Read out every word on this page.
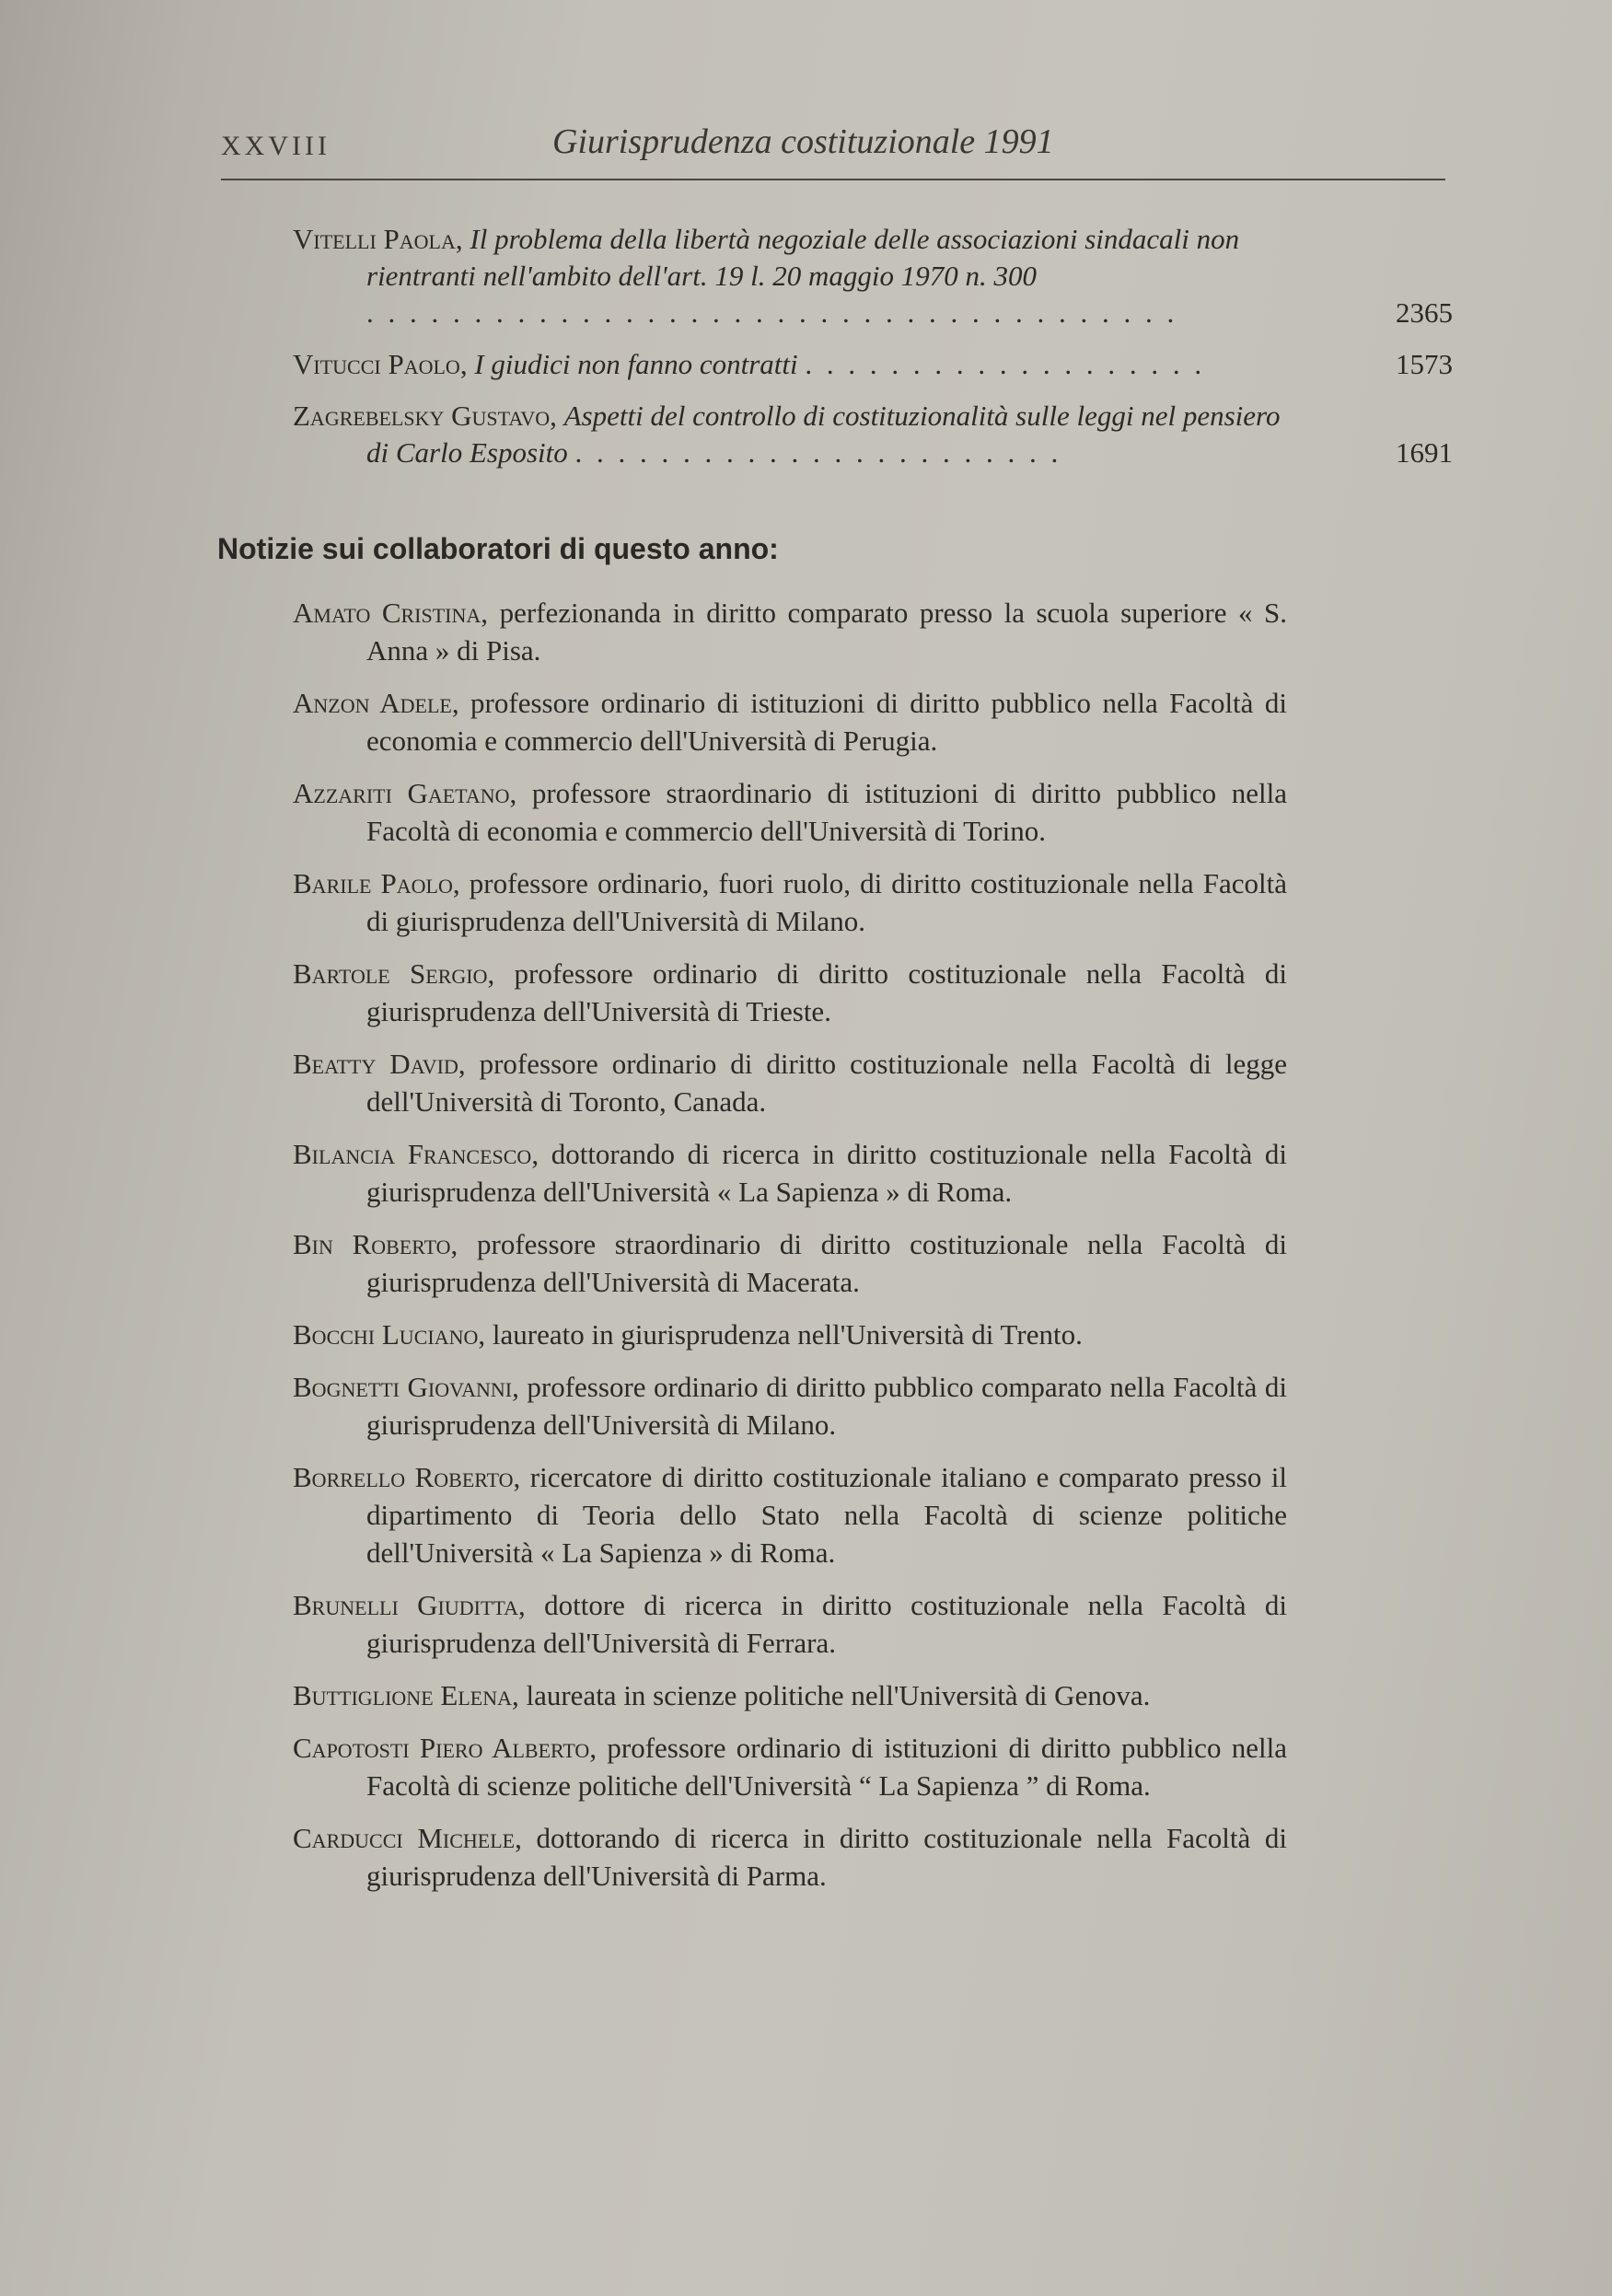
XXVIII	Giurisprudenza costituzionale 1991
Vitelli Paola, Il problema della libertà negoziale delle associazioni sindacali non rientranti nell'ambito dell'art. 19 l. 20 maggio 1970 n. 300 . . . . . . . . . . . . . . . . . . . . . . . . . . . . . . . . . . . . . .	2365
Vitucci Paolo, I giudici non fanno contratti . . . . . . . . . . . . . . . . . . .	1573
Zagrebelsky Gustavo, Aspetti del controllo di costituzionalità sulle leggi nel pensiero di Carlo Esposito . . . . . . . . . . . . . . . . . . . . . . .	1691
Notizie sui collaboratori di questo anno:
Amato Cristina, perfezionanda in diritto comparato presso la scuola superiore « S. Anna » di Pisa.
Anzon Adele, professore ordinario di istituzioni di diritto pubblico nella Facoltà di economia e commercio dell'Università di Perugia.
Azzariti Gaetano, professore straordinario di istituzioni di diritto pubblico nella Facoltà di economia e commercio dell'Università di Torino.
Barile Paolo, professore ordinario, fuori ruolo, di diritto costituzionale nella Facoltà di giurisprudenza dell'Università di Milano.
Bartole Sergio, professore ordinario di diritto costituzionale nella Facoltà di giurisprudenza dell'Università di Trieste.
Beatty David, professore ordinario di diritto costituzionale nella Facoltà di legge dell'Università di Toronto, Canada.
Bilancia Francesco, dottorando di ricerca in diritto costituzionale nella Facoltà di giurisprudenza dell'Università « La Sapienza » di Roma.
Bin Roberto, professore straordinario di diritto costituzionale nella Facoltà di giurisprudenza dell'Università di Macerata.
Bocchi Luciano, laureato in giurisprudenza nell'Università di Trento.
Bognetti Giovanni, professore ordinario di diritto pubblico comparato nella Facoltà di giurisprudenza dell'Università di Milano.
Borrello Roberto, ricercatore di diritto costituzionale italiano e comparato presso il dipartimento di Teoria dello Stato nella Facoltà di scienze politiche dell'Università « La Sapienza » di Roma.
Brunelli Giuditta, dottore di ricerca in diritto costituzionale nella Facoltà di giurisprudenza dell'Università di Ferrara.
Buttiglione Elena, laureata in scienze politiche nell'Università di Genova.
Capotosti Piero Alberto, professore ordinario di istituzioni di diritto pubblico nella Facoltà di scienze politiche dell'Università “ La Sapienza ” di Roma.
Carducci Michele, dottorando di ricerca in diritto costituzionale nella Facoltà di giurisprudenza dell'Università di Parma.
